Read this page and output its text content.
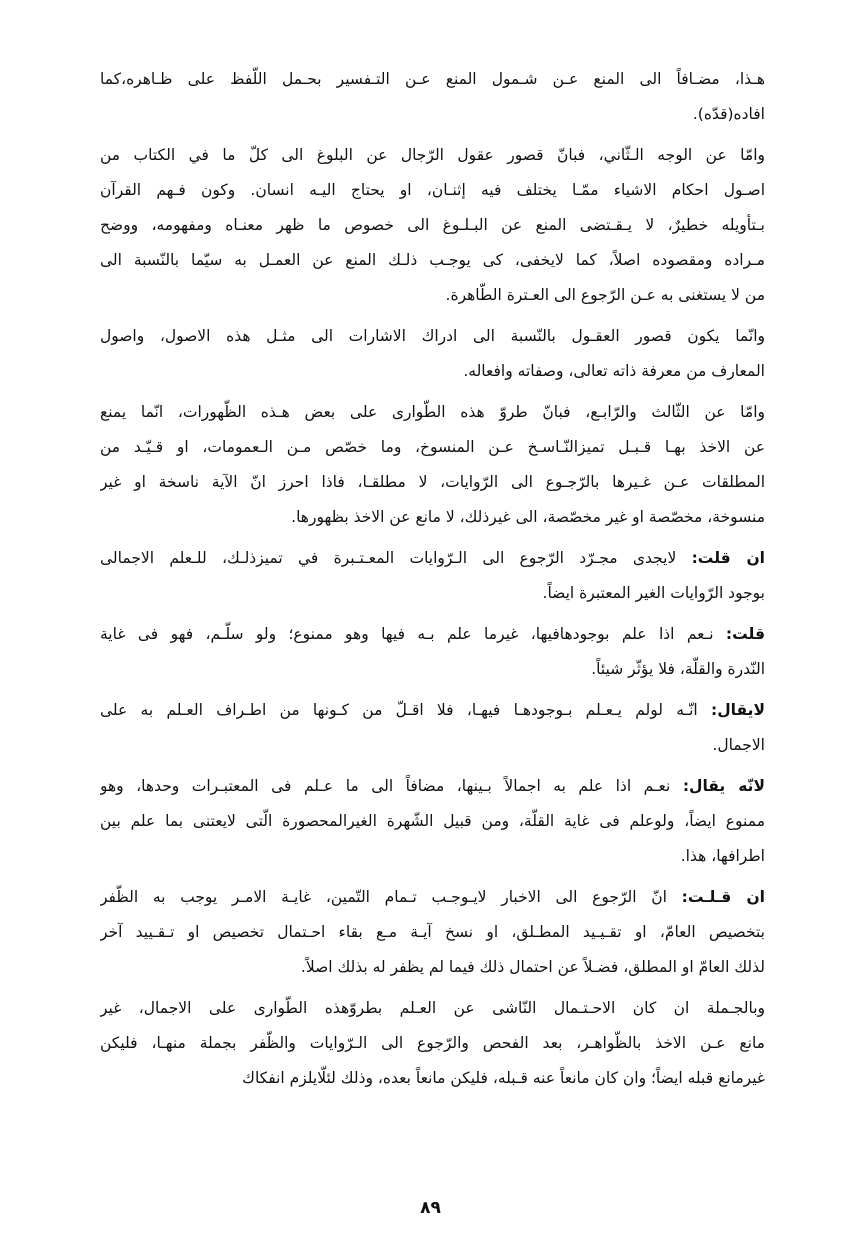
هـذا، مضـافاً الى المنع عـن شـمول المنع عـن التـفسير بحـمل اللّفظ على ظـاهره،كما
افاده(قدّه).
وامّا عن الوجه الـثّاني، فبانّ قصور عقول الرّجال عن البلوغ الى كلّ ما في الكتاب من
اصـول احكام الاشياء ممّـا يختلف فيه إثنـان، او يحتاج اليـه انسان. وكون فـهم القرآن
بـتأويله خطيرٌ، لا يـقـتضى المنع عن البـلـوغ الى خصوص ما ظهر معنـاه ومفهومه، ووضح
مـراده ومقصوده اصلاً، كما لايخفى، كى يوجـب ذلـك المنع عن العمـل به سيّما بالنّسبة الى
من لا يستغنى به عـن الرّجوع الى العـترة الطّاهرة.
وانّما يكون قصور العقـول بالنّسبة الى ادراك الاشارات الى مثـل هذه الاصول، واصول
المعارف من معرفة ذاته تعالى، وصفاته وافعاله.
وامّا عن الثّالث والرّابـع، فبانّ طروّ هذه الطّوارى على بعض هـذه الظّهورات، انّما يمنع
عن الاخذ بهـا قـبـل تميزالنّـاسـخ عـن المنسوخ، وما خصّص مـن الـعمومات، او قـيّـد من
المطلقات عـن غـيرها بالرّجـوع الى الرّوايات، لا مطلقـا، فاذا احرز انّ الآية ناسخة او غير
منسوخة، مخصّصة او غير مخصّصة، الى غيرذلك، لا مانع عن الاخذ بظهورها.
ان قلت: لايجدى مجـرّد الرّجوع الى الـرّوايات المعـتـبرة في تميزذلـك، للـعلم الاجمالى
بوجود الرّوايات الغير المعتبرة ايضاً.
قلت: نـعم اذا علم بوجودهافيها، غيرما علم بـه فيها وهو ممنوع؛ ولو سلّـم، فهو فى غاية
النّدرة والقلّة، فلا يؤثّر شيئاً.
لايقال: انّـه لولم يـعـلم بـوجودهـا فيهـا، فلا اقـلّ من كـونها من اطـراف العـلم به على
الاجمال.
لانّه يقال: نعـم اذا علم به اجمالاً بـينها، مضافاً الى ما عـلم فى المعتبـرات وحدها، وهو
ممنوع ايضاً، ولوعلم فى غاية القلّة، ومن قبيل الشّهرة الغيرالمحصورة الّتى لايعتنى بما علم بين
اطرافها، هذا.
ان قـلـت: انّ الرّجوع الى الاخبار لايـوجـب تـمام التّمين، غايـة الامـر يوجب به الظّفر
بتخصيص العامّ، او تقـيـيد المطـلق، او نسخ آيـة مـع بقاء احـتمال تخصيص او تـقـييد آخر
لذلك العامّ او المطلق، فضـلاً عن احتمال ذلك فيما لم يظفر له بذلك اصلاً.
وبالجـملة ان كان الاحـتـمال النّاشى عن العـلم بطروّهذه الطّوارى على الاجمال، غير
مانع عـن الاخذ بالظّواهـر، بعد الفحص والرّجوع الى الـرّوايات والظّفر بجملة منهـا، فليكن
غيرمانع قبله ايضاً؛ وان كان مانعاً عنه قـبله، فليكن مانعاً بعده، وذلك لئلّايلزم انفكاك
٨٩
